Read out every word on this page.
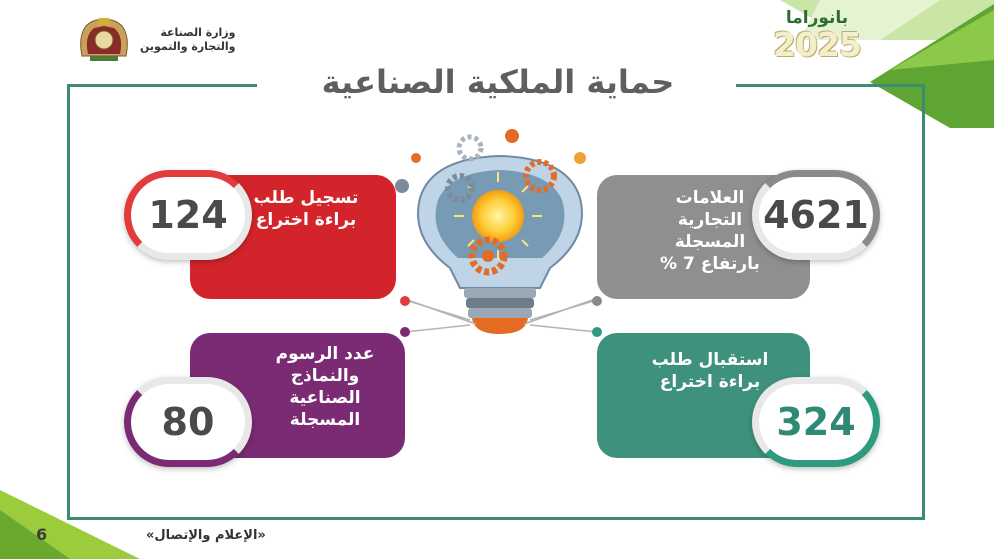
وزارة الصناعة
والتجارة والتموين
بانوراما
2025
حماية الملكية الصناعية
تسجيل طلب براءة اختراع
124	العلامات التجارية المسجلة بارتفاع 7 %
4621
عدد الرسوم والنماذج الصناعية المسجلة
80
استقبال طلب براءة اختراع
324
6	«الإعلام والإتصال»
